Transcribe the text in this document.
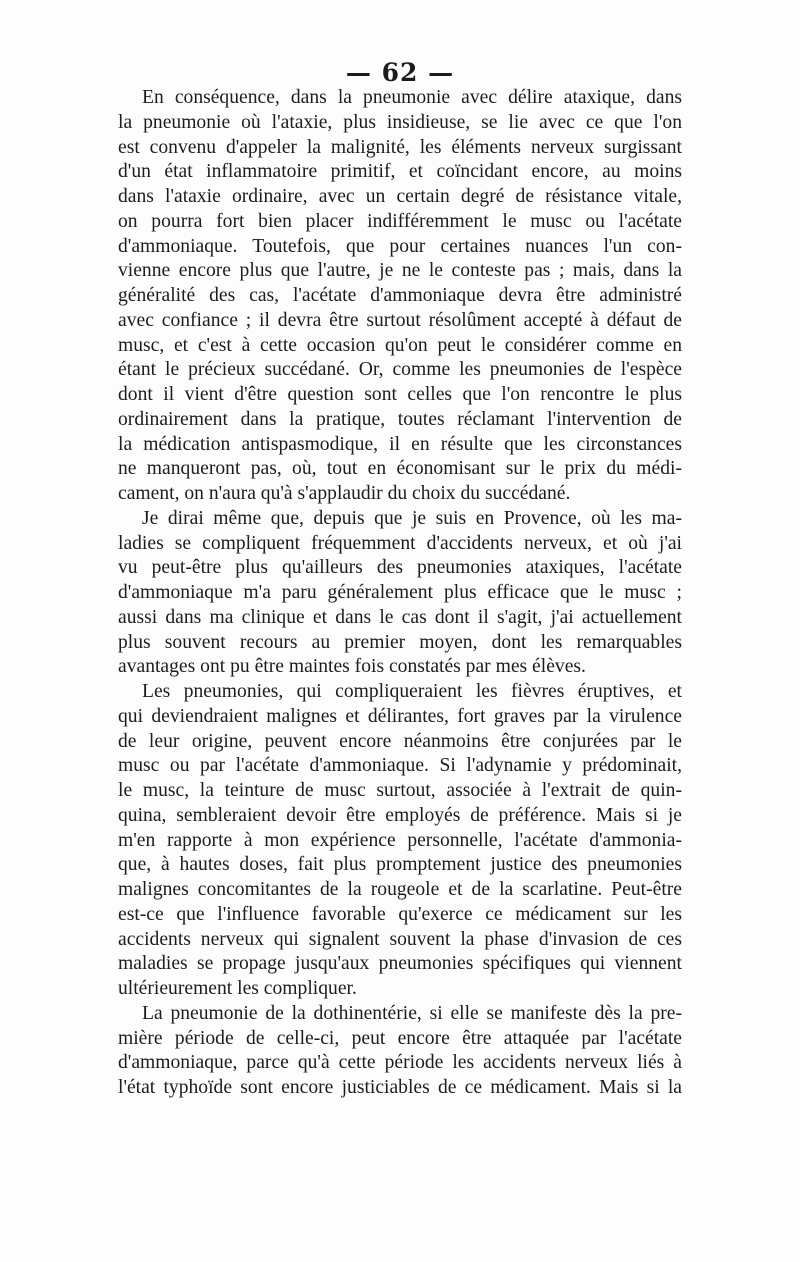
— 62 —
En conséquence, dans la pneumonie avec délire ataxique, dans
la pneumonie où l'ataxie, plus insidieuse, se lie avec ce que l'on
est convenu d'appeler la malignité, les éléments nerveux surgissant
d'un état inflammatoire primitif, et coïncidant encore, au moins
dans l'ataxie ordinaire, avec un certain degré de résistance vitale,
on pourra fort bien placer indifféremment le musc ou l'acétate
d'ammoniaque. Toutefois, que pour certaines nuances l'un con-
vienne encore plus que l'autre, je ne le conteste pas ; mais, dans la
généralité des cas, l'acétate d'ammoniaque devra être administré
avec confiance ; il devra être surtout résolûment accepté à défaut de
musc, et c'est à cette occasion qu'on peut le considérer comme en
étant le précieux succédané. Or, comme les pneumonies de l'espèce
dont il vient d'être question sont celles que l'on rencontre le plus
ordinairement dans la pratique, toutes réclamant l'intervention de
la médication antispasmodique, il en résulte que les circonstances
ne manqueront pas, où, tout en économisant sur le prix du médi-
cament, on n'aura qu'à s'applaudir du choix du succédané.
Je dirai même que, depuis que je suis en Provence, où les ma-
ladies se compliquent fréquemment d'accidents nerveux, et où j'ai
vu peut-être plus qu'ailleurs des pneumonies ataxiques, l'acétate
d'ammoniaque m'a paru généralement plus efficace que le musc ;
aussi dans ma clinique et dans le cas dont il s'agit, j'ai actuellement
plus souvent recours au premier moyen, dont les remarquables
avantages ont pu être maintes fois constatés par mes élèves.
Les pneumonies, qui compliqueraient les fièvres éruptives, et
qui deviendraient malignes et délirantes, fort graves par la virulence
de leur origine, peuvent encore néanmoins être conjurées par le
musc ou par l'acétate d'ammoniaque. Si l'adynamie y prédominait,
le musc, la teinture de musc surtout, associée à l'extrait de quin-
quina, sembleraient devoir être employés de préférence. Mais si je
m'en rapporte à mon expérience personnelle, l'acétate d'ammonia-
que, à hautes doses, fait plus promptement justice des pneumonies
malignes concomitantes de la rougeole et de la scarlatine. Peut-être
est-ce que l'influence favorable qu'exerce ce médicament sur les
accidents nerveux qui signalent souvent la phase d'invasion de ces
maladies se propage jusqu'aux pneumonies spécifiques qui viennent
ultérieurement les compliquer.
La pneumonie de la dothinentérie, si elle se manifeste dès la pre-
mière période de celle-ci, peut encore être attaquée par l'acétate
d'ammoniaque, parce qu'à cette période les accidents nerveux liés à
l'état typhoïde sont encore justiciables de ce médicament. Mais si la
